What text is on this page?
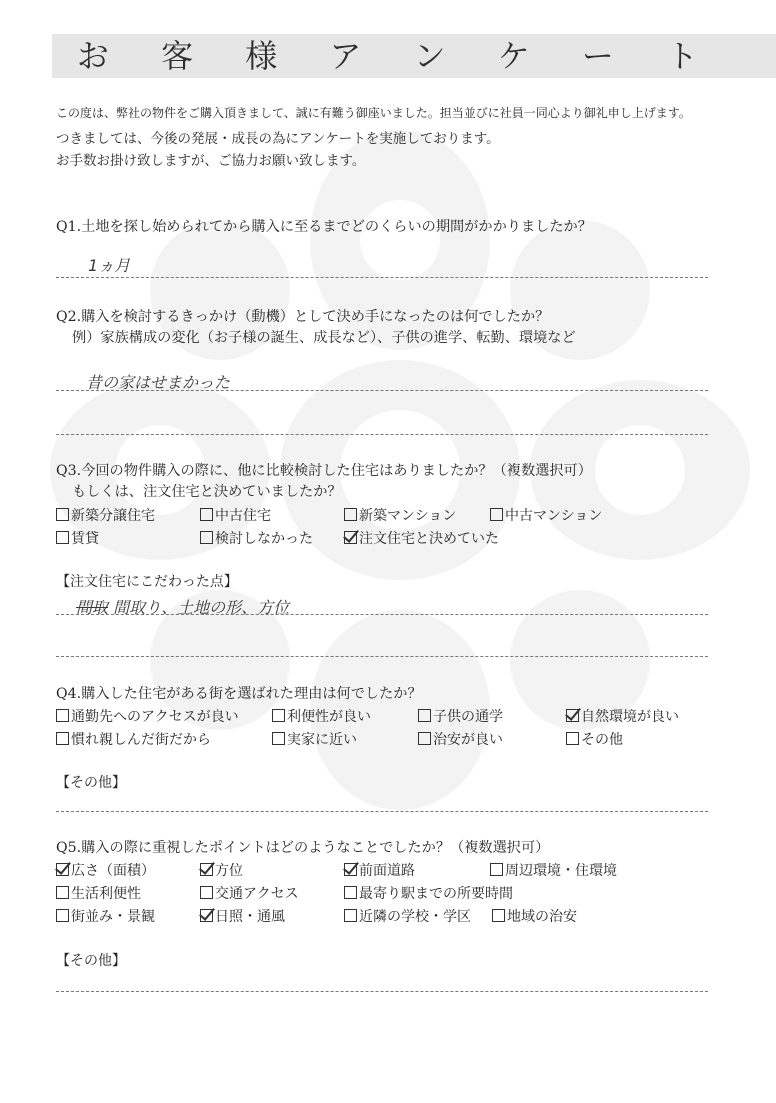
お 客 様 ア ン ケ ー ト
この度は、弊社の物件をご購入頂きまして、誠に有難う御座いました。担当並びに社員一同心より御礼申し上げます。
つきましては、今後の発展・成長の為にアンケートを実施しております。
お手数お掛け致しますが、ご協力お願い致します。
Q1.土地を探し始められてから購入に至るまでどのくらいの期間がかかりましたか？
1ヵ月
Q2.購入を検討するきっかけ（動機）として決め手になったのは何でしたか？
例）家族構成の変化（お子様の誕生、成長など）、子供の進学、転勤、環境など
昔の家はせまかった
Q3.今回の物件購入の際に、他に比較検討した住宅はありましたか？（複数選択可）
もしくは、注文住宅と決めていましたか？
新築分譲住宅	中古住宅	新築マンション	中古マンション
賃貸	検討しなかった	注文住宅と決めていた
【注文住宅にこだわった点】
間取 間取り、土地の形、方位
Q4.購入した住宅がある街を選ばれた理由は何でしたか？
通勤先へのアクセスが良い	利便性が良い	子供の通学	自然環境が良い
慣れ親しんだ街だから	実家に近い	治安が良い	その他
【その他】
Q5.購入の際に重視したポイントはどのようなことでしたか？（複数選択可）
広さ（面積）	方位	前面道路	周辺環境・住環境
生活利便性	交通アクセス	最寄り駅までの所要時間
街並み・景観	日照・通風	近隣の学校・学区	地域の治安
【その他】
